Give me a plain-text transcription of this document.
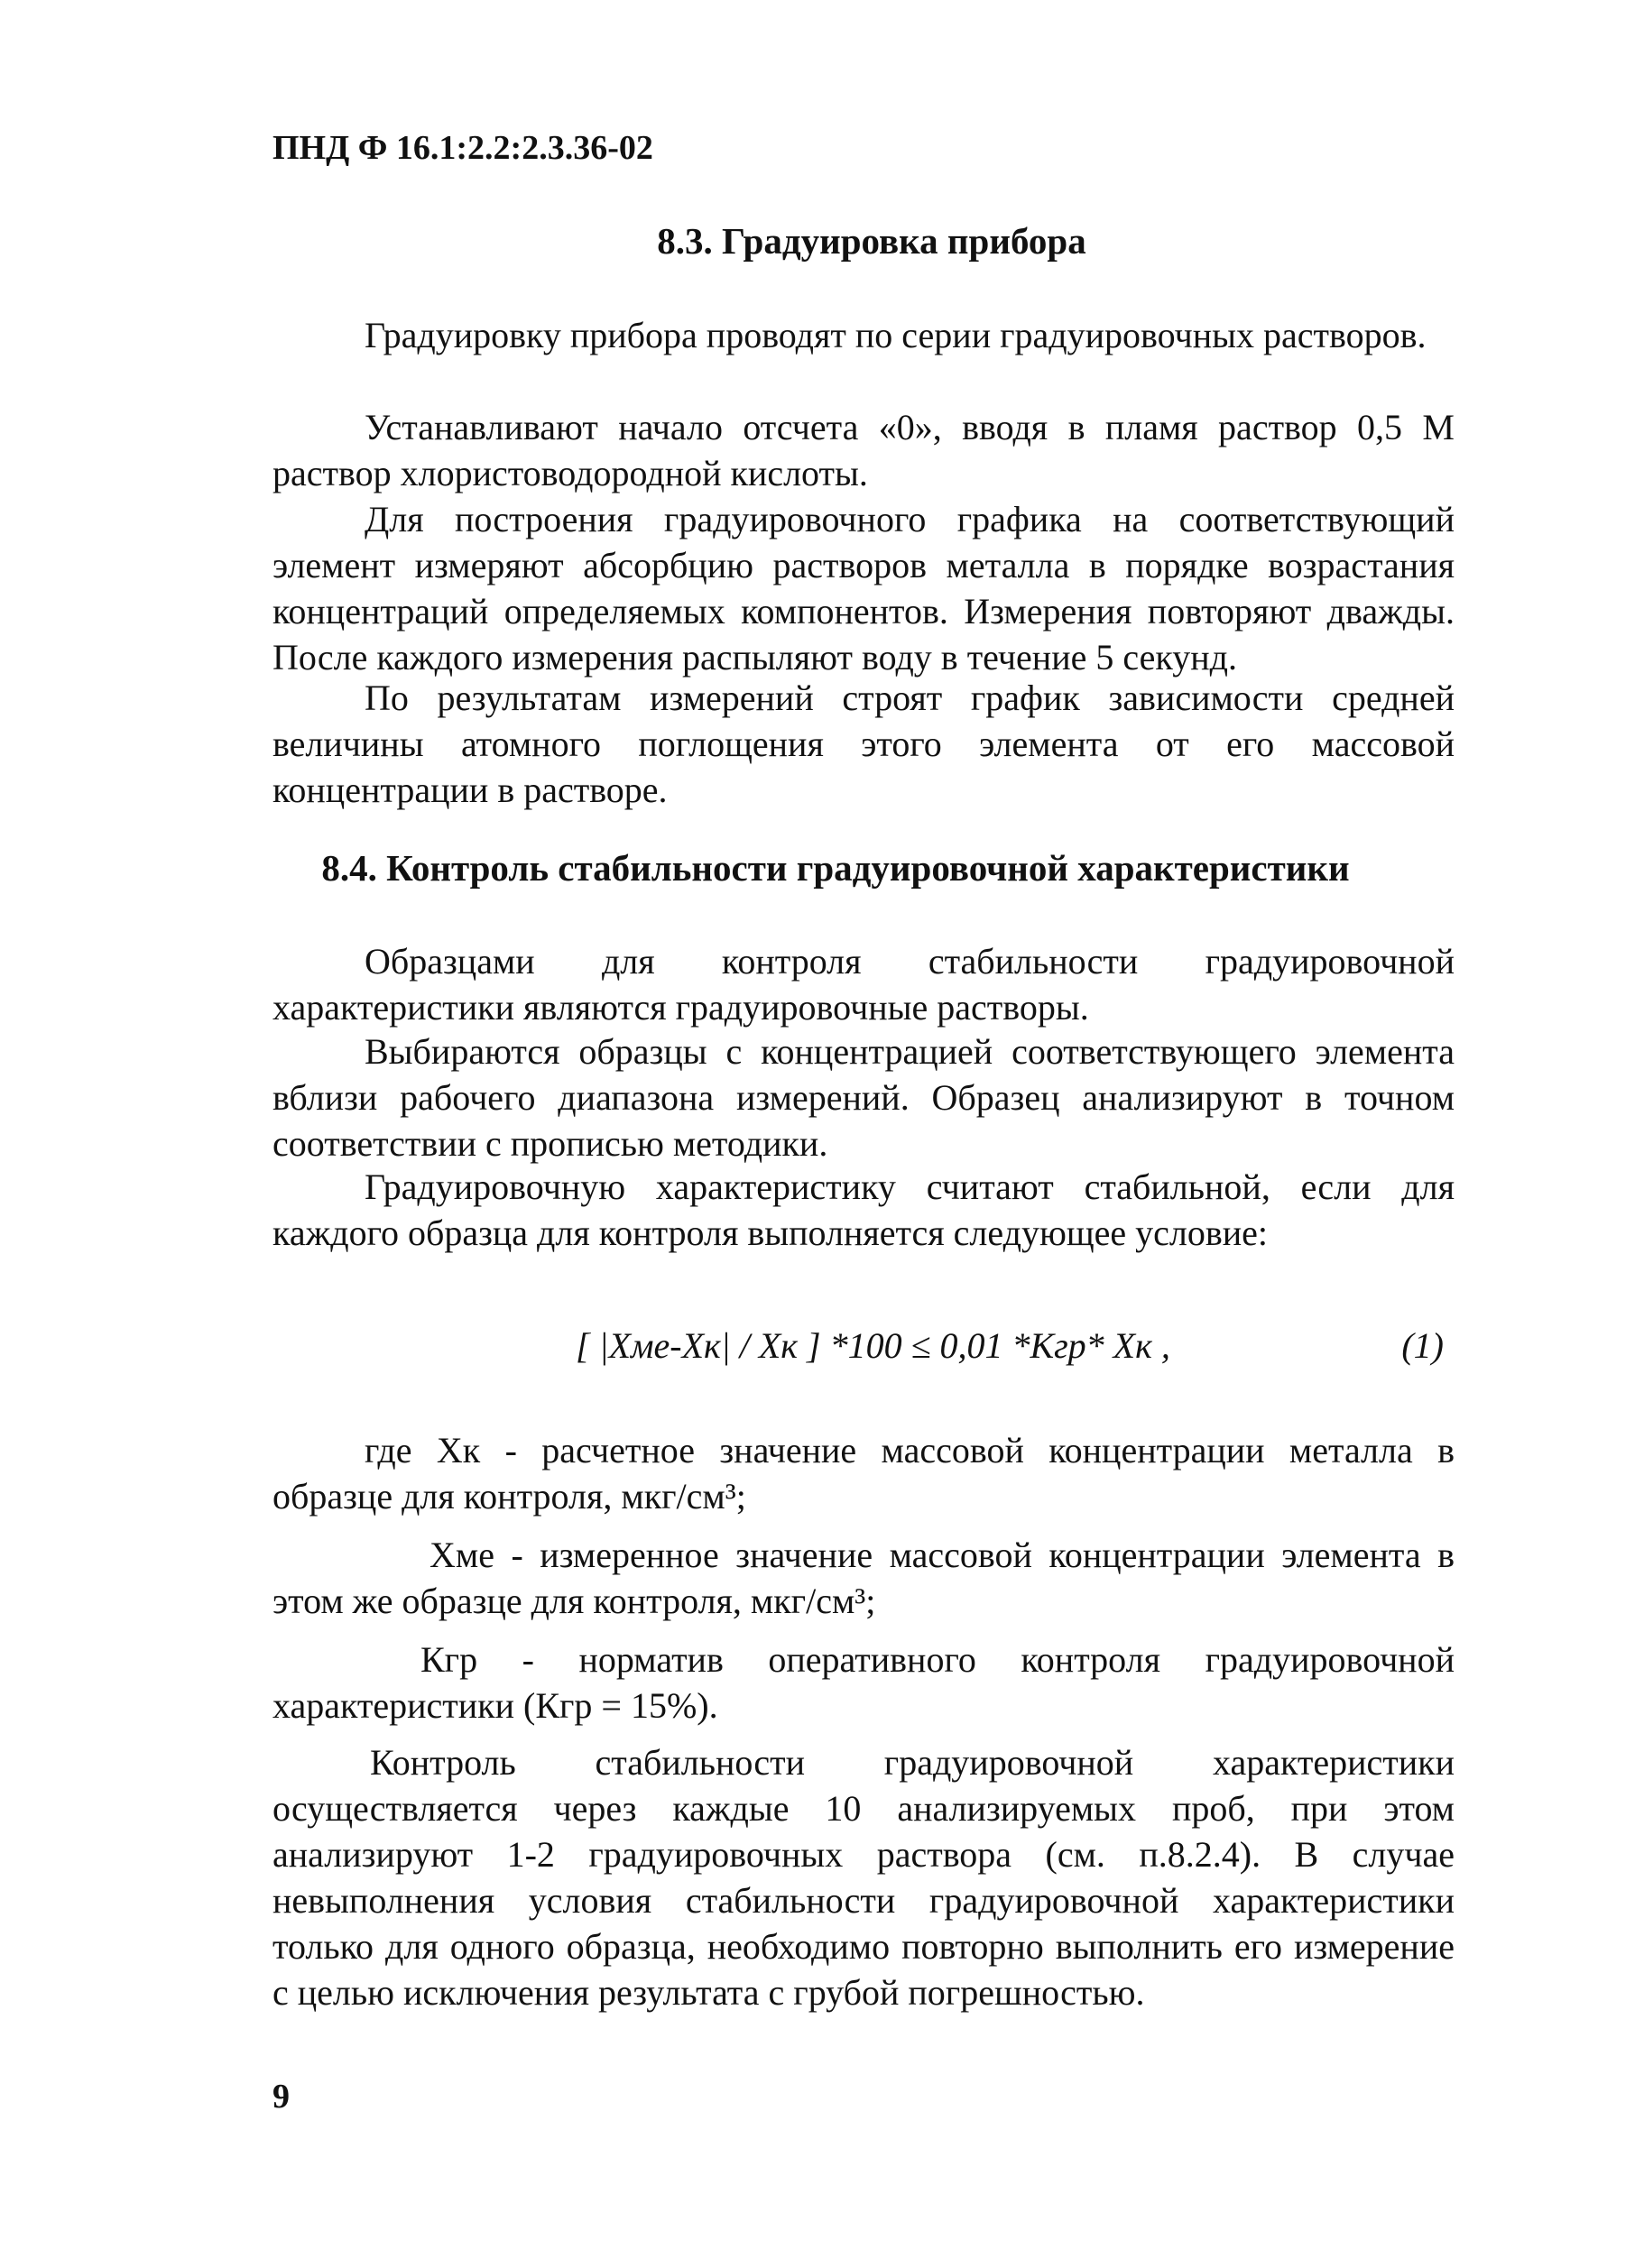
ПНД Ф 16.1:2.2:2.3.36-02
8.3. Градуировка прибора

Градуировку прибора проводят по серии градуировочных растворов.

Устанавливают начало отсчета «0», вводя в пламя раствор 0,5 М раствор хлористоводородной кислоты.

Для построения градуировочного графика на соответствующий элемент измеряют абсорбцию растворов металла в порядке возрастания концентраций определяемых компонентов. Измерения повторяют дважды. После каждого измерения распыляют воду в течение 5 секунд.

По результатам измерений строят график зависимости средней величины атомного поглощения этого элемента от его массовой концентрации в растворе.

8.4. Контроль стабильности градуировочной характеристики

Образцами для контроля стабильности градуировочной характеристики являются градуировочные растворы.

Выбираются образцы с концентрацией соответствующего элемента вблизи рабочего диапазона измерений. Образец анализируют в точном соответствии с прописью методики.

Градуировочную характеристику считают стабильной, если для каждого образца для контроля выполняется следующее условие:

[ |Хме-Хк| / Хк ] *100 ≤ 0,01 *Кгр* Хк ,	(1)

где Хк - расчетное значение массовой концентрации металла в образце для контроля, мкг/см³;

Хме - измеренное значение массовой концентрации элемента в этом же образце для контроля, мкг/см³;

Кгр - норматив оперативного контроля градуировочной характеристики (Кгр = 15%).

Контроль стабильности градуировочной характеристики осуществляется через каждые 10 анализируемых проб, при этом анализируют 1-2 градуировочных раствора (см. п.8.2.4). В случае невыполнения условия стабильности градуировочной характеристики только для одного образца, необходимо повторно выполнить его измерение с целью исключения результата с грубой погрешностью.

9
